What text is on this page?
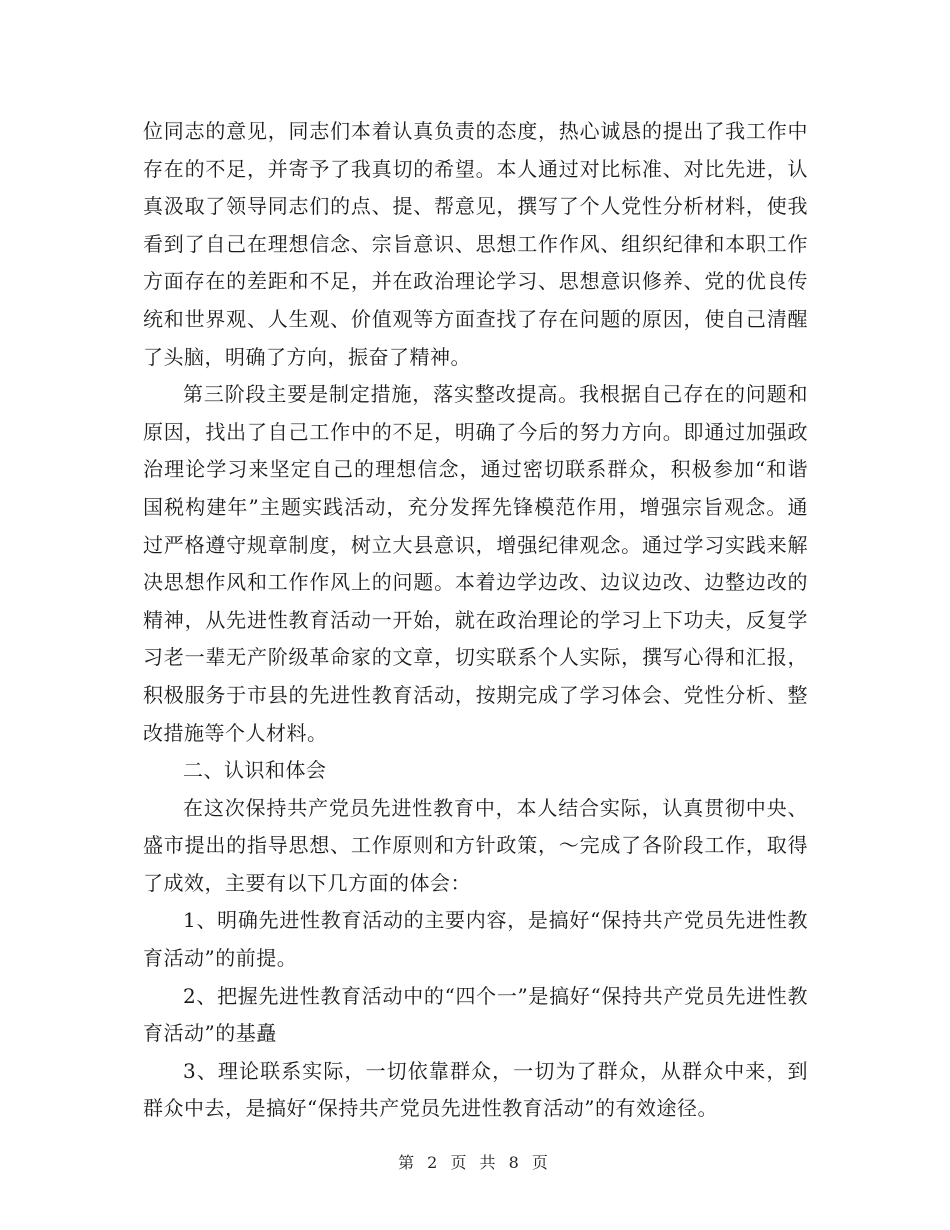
位同志的意见，同志们本着认真负责的态度，热心诚恳的提出了我工作中存在的不足，并寄予了我真切的希望。本人通过对比标准、对比先进，认真汲取了领导同志们的点、提、帮意见，撰写了个人党性分析材料，使我看到了自己在理想信念、宗旨意识、思想工作作风、组织纪律和本职工作方面存在的差距和不足，并在政治理论学习、思想意识修养、党的优良传统和世界观、人生观、价值观等方面查找了存在问题的原因，使自己清醒了头脑，明确了方向，振奋了精神。

第三阶段主要是制定措施，落实整改提高。我根据自己存在的问题和原因，找出了自己工作中的不足，明确了今后的努力方向。即通过加强政治理论学习来坚定自己的理想信念，通过密切联系群众，积极参加“和谐国税构建年”主题实践活动，充分发挥先锋模范作用，增强宗旨观念。通过严格遵守规章制度，树立大县意识，增强纪律观念。通过学习实践来解决思想作风和工作作风上的问题。本着边学边改、边议边改、边整边改的精神，从先进性教育活动一开始，就在政治理论的学习上下功夫，反复学习老一辈无产阶级革命家的文章，切实联系个人实际，撰写心得和汇报，积极服务于市县的先进性教育活动，按期完成了学习体会、党性分析、整改措施等个人材料。

二、认识和体会

在这次保持共产党员先进性教育中，本人结合实际，认真贯彻中央、盛市提出的指导思想、工作原则和方针政策，～完成了各阶段工作，取得了成效，主要有以下几方面的体会：

1、明确先进性教育活动的主要内容，是搞好“保持共产党员先进性教育活动”的前提。

2、把握先进性教育活动中的“四个一”是搞好“保持共产党员先进性教育活动”的基矗

3、理论联系实际，一切依靠群众，一切为了群众，从群众中来，到群众中去，是搞好“保持共产党员先进性教育活动”的有效途径。

第 2 页 共 8 页
